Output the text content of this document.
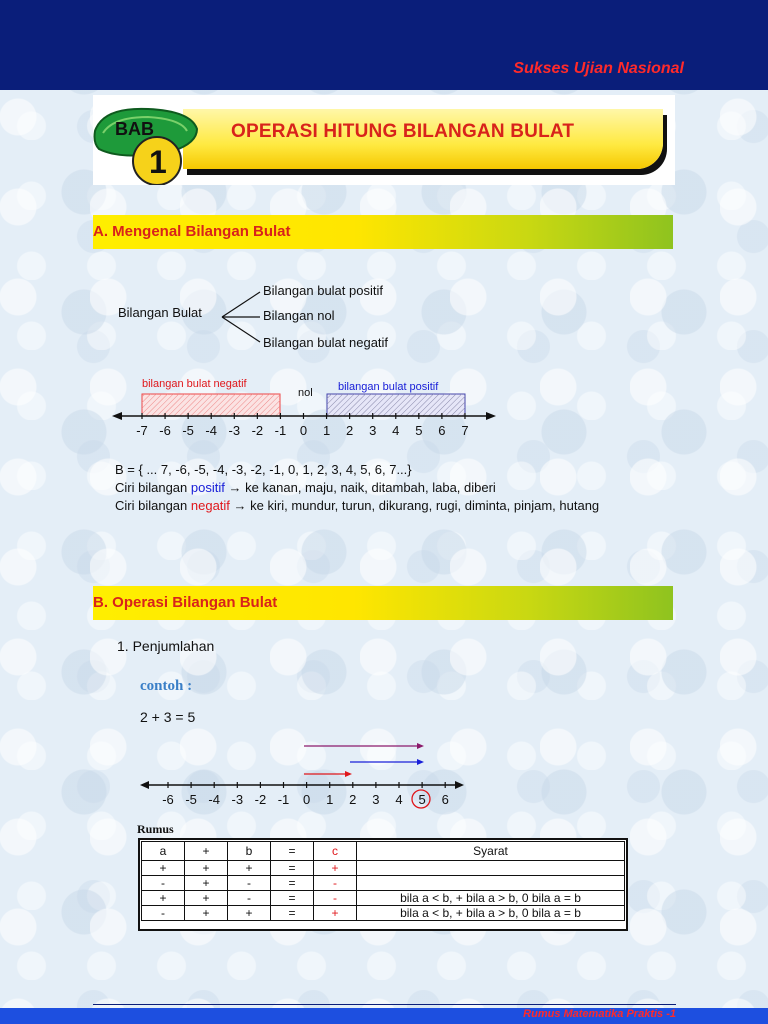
Sukses Ujian Nasional
OPERASI HITUNG BILANGAN BULAT
BAB
1
A. Mengenal Bilangan Bulat
Bilangan Bulat
Bilangan bulat positif
Bilangan nol
Bilangan bulat negatif
bilangan bulat negatif
nol bilangan bulat positif
-7 -6 -5 -4 -3 -2 -1 0 1 2 3 4 5 6 7
B = { ... 7, -6, -5, -4, -3, -2, -1, 0, 1, 2, 3, 4, 5, 6, 7...}
Ciri bilangan positif → ke kanan, maju, naik, ditambah, laba, diberi
Ciri bilangan negatif → ke kiri, mundur, turun, dikurang, rugi, diminta, pinjam, hutang
B. Operasi Bilangan Bulat
1. Penjumlahan
contoh :
2 + 3 = 5
-6 -5 -4 -3 -2 -1 0 1 2 3 4 5 6
Rumus
a	+	b	=	c	Syarat
+	+	+	=	+	
-	+	-	=	-	
+	+	-	=	-	bila a < b, + bila a > b, 0 bila a = b
-	+	+	=	+	bila a < b, + bila a > b, 0 bila a = b
Rumus Matematika Praktis -1
